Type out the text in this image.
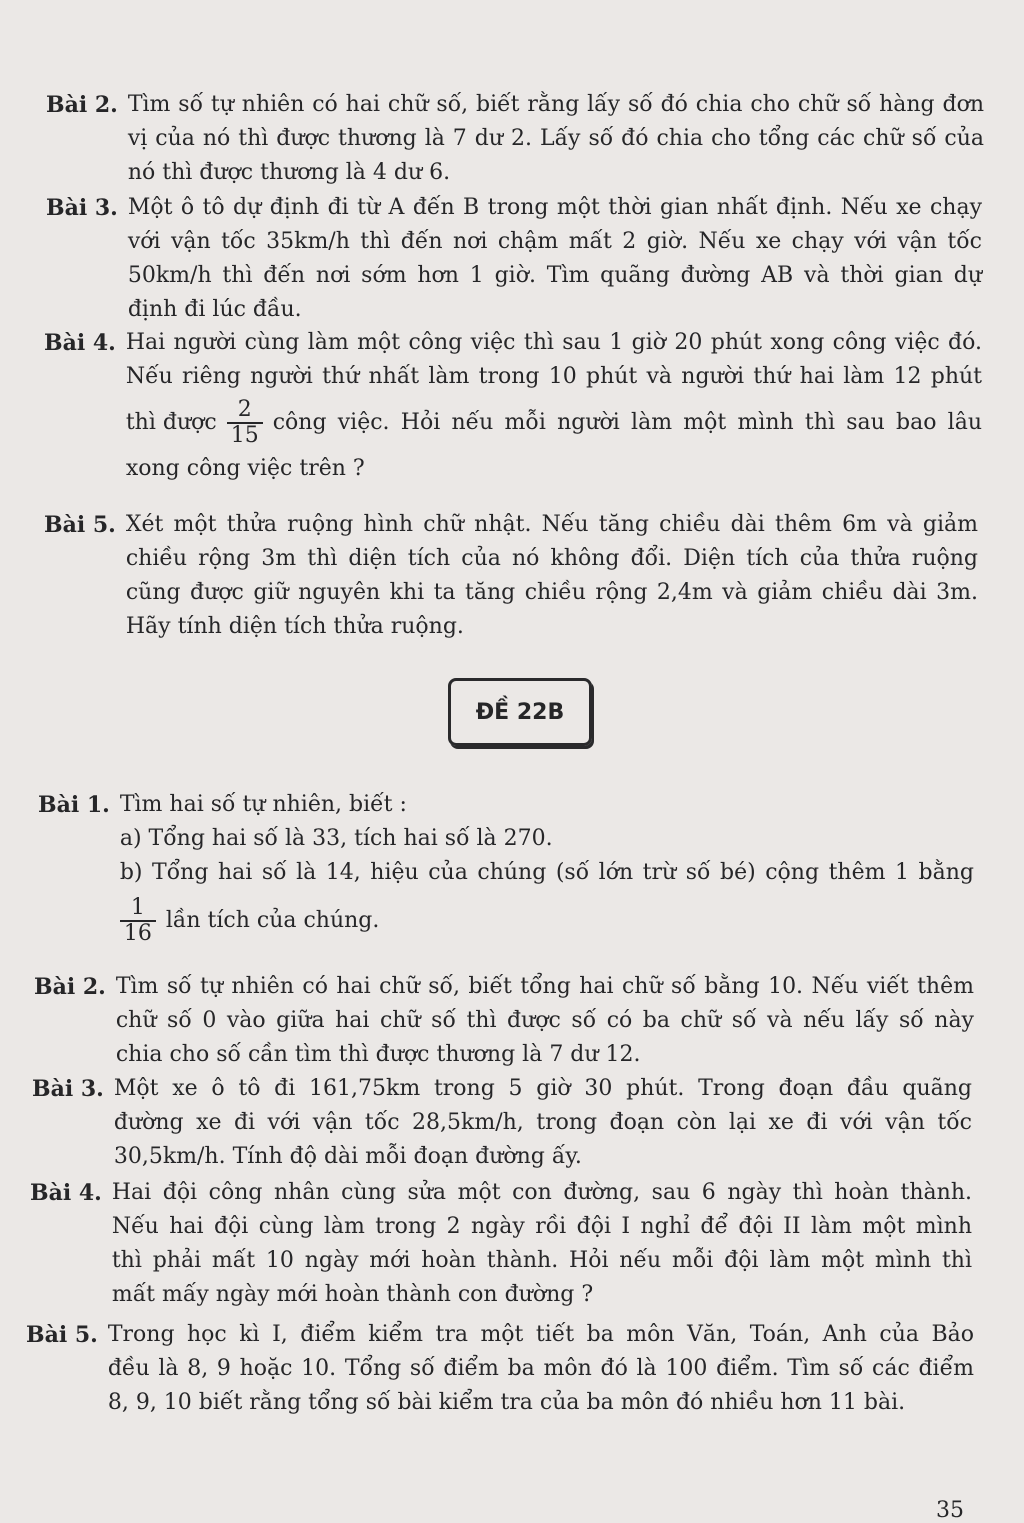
Bài 2. Tìm số tự nhiên có hai chữ số, biết rằng lấy số đó chia cho chữ số hàng đơn
vị của nó thì được thương là 7 dư 2. Lấy số đó chia cho tổng các chữ số của
nó thì được thương là 4 dư 6.
Bài 3. Một ô tô dự định đi từ A đến B trong một thời gian nhất định. Nếu xe chạy
với vận tốc 35km/h thì đến nơi chậm mất 2 giờ. Nếu xe chạy với vận tốc
50km/h thì đến nơi sớm hơn 1 giờ. Tìm quãng đường AB và thời gian dự
định đi lúc đầu.
Bài 4. Hai người cùng làm một công việc thì sau 1 giờ 20 phút xong công việc đó.
Nếu riêng người thứ nhất làm trong 10 phút và người thứ hai làm 12 phút
thì được $\frac{2}{15}$ công việc. Hỏi nếu mỗi người làm một mình thì sau bao lâu
xong công việc trên ?
Bài 5. Xét một thửa ruộng hình chữ nhật. Nếu tăng chiều dài thêm 6m và giảm
chiều rộng 3m thì diện tích của nó không đổi. Diện tích của thửa ruộng
cũng được giữ nguyên khi ta tăng chiều rộng 2,4m và giảm chiều dài 3m.
Hãy tính diện tích thửa ruộng.
ĐỀ 22B
Bài 1. Tìm hai số tự nhiên, biết :
a) Tổng hai số là 33, tích hai số là 270.
b) Tổng hai số là 14, hiệu của chúng (số lớn trừ số bé) cộng thêm 1 bằng
$\frac{1}{16}$ lần tích của chúng.
Bài 2. Tìm số tự nhiên có hai chữ số, biết tổng hai chữ số bằng 10. Nếu viết thêm
chữ số 0 vào giữa hai chữ số thì được số có ba chữ số và nếu lấy số này
chia cho số cần tìm thì được thương là 7 dư 12.
Bài 3. Một xe ô tô đi 161,75km trong 5 giờ 30 phút. Trong đoạn đầu quãng
đường xe đi với vận tốc 28,5km/h, trong đoạn còn lại xe đi với vận tốc
30,5km/h. Tính độ dài mỗi đoạn đường ấy.
Bài 4. Hai đội công nhân cùng sửa một con đường, sau 6 ngày thì hoàn thành.
Nếu hai đội cùng làm trong 2 ngày rồi đội I nghỉ để đội II làm một mình
thì phải mất 10 ngày mới hoàn thành. Hỏi nếu mỗi đội làm một mình thì
mất mấy ngày mới hoàn thành con đường ?
Bài 5. Trong học kì I, điểm kiểm tra một tiết ba môn Văn, Toán, Anh của Bảo
đều là 8, 9 hoặc 10. Tổng số điểm ba môn đó là 100 điểm. Tìm số các điểm
8, 9, 10 biết rằng tổng số bài kiểm tra của ba môn đó nhiều hơn 11 bài.
35
